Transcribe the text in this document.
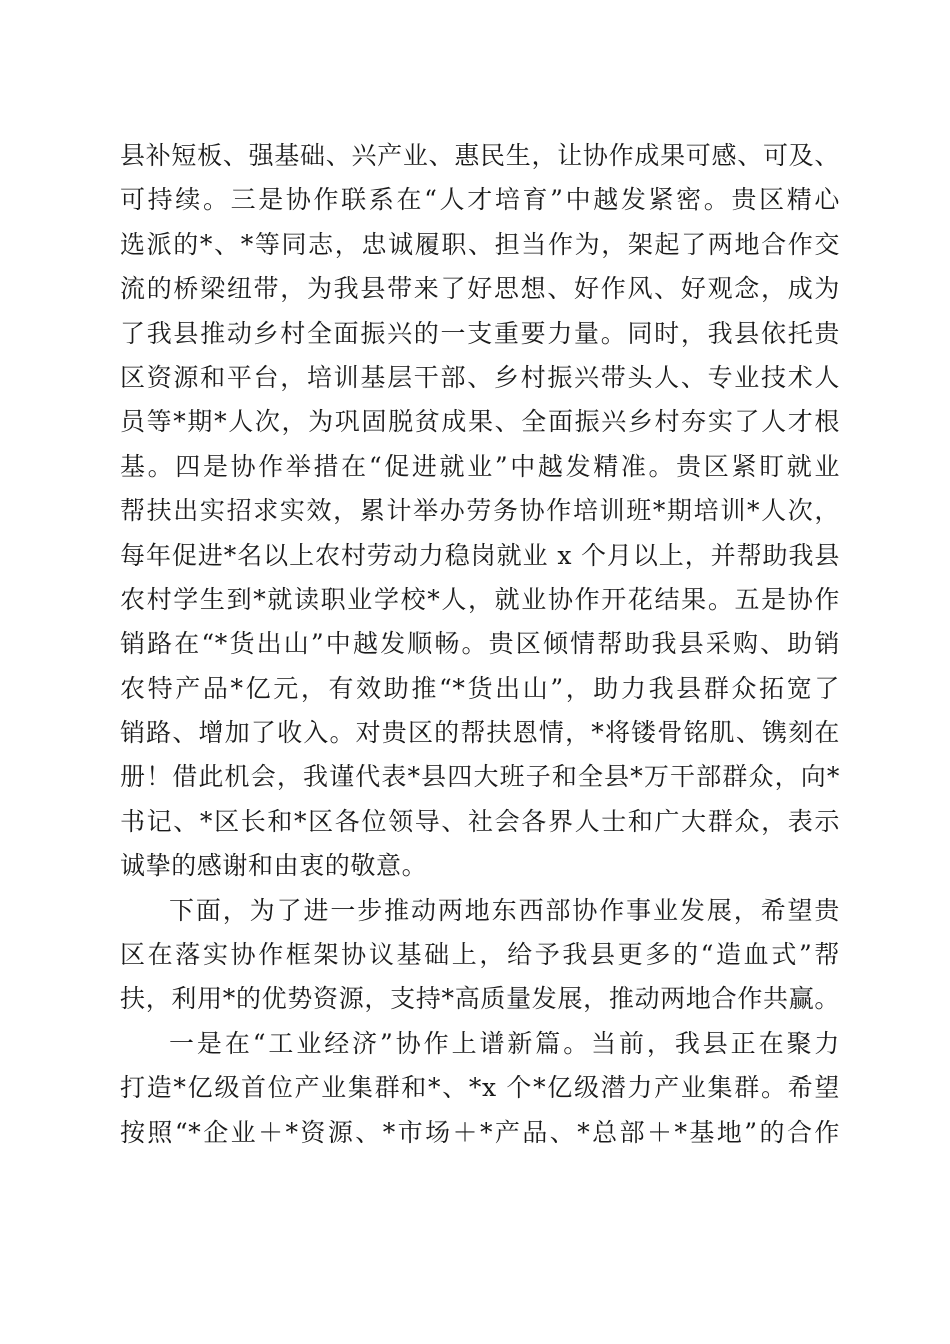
县补短板、强基础、兴产业、惠民生，让协作成果可感、可及、
可持续。三是协作联系在“人才培育”中越发紧密。贵区精心
选派的*、*等同志，忠诚履职、担当作为，架起了两地合作交
流的桥梁纽带，为我县带来了好思想、好作风、好观念，成为
了我县推动乡村全面振兴的一支重要力量。同时，我县依托贵
区资源和平台，培训基层干部、乡村振兴带头人、专业技术人
员等*期*人次，为巩固脱贫成果、全面振兴乡村夯实了人才根
基。四是协作举措在“促进就业”中越发精准。贵区紧盯就业
帮扶出实招求实效，累计举办劳务协作培训班*期培训*人次，
每年促进*名以上农村劳动力稳岗就业 x 个月以上，并帮助我县
农村学生到*就读职业学校*人，就业协作开花结果。五是协作
销路在“*货出山”中越发顺畅。贵区倾情帮助我县采购、助销
农特产品*亿元，有效助推“*货出山”，助力我县群众拓宽了
销路、增加了收入。对贵区的帮扶恩情，*将镂骨铭肌、镌刻在
册！借此机会，我谨代表*县四大班子和全县*万干部群众，向*
书记、*区长和*区各位领导、社会各界人士和广大群众，表示
诚挚的感谢和由衷的敬意。
下面，为了进一步推动两地东西部协作事业发展，希望贵
区在落实协作框架协议基础上，给予我县更多的“造血式”帮
扶，利用*的优势资源，支持*高质量发展，推动两地合作共赢。
一是在“工业经济”协作上谱新篇。当前，我县正在聚力
打造*亿级首位产业集群和*、*x 个*亿级潜力产业集群。希望
按照“*企业＋*资源、*市场＋*产品、*总部＋*基地”的合作
